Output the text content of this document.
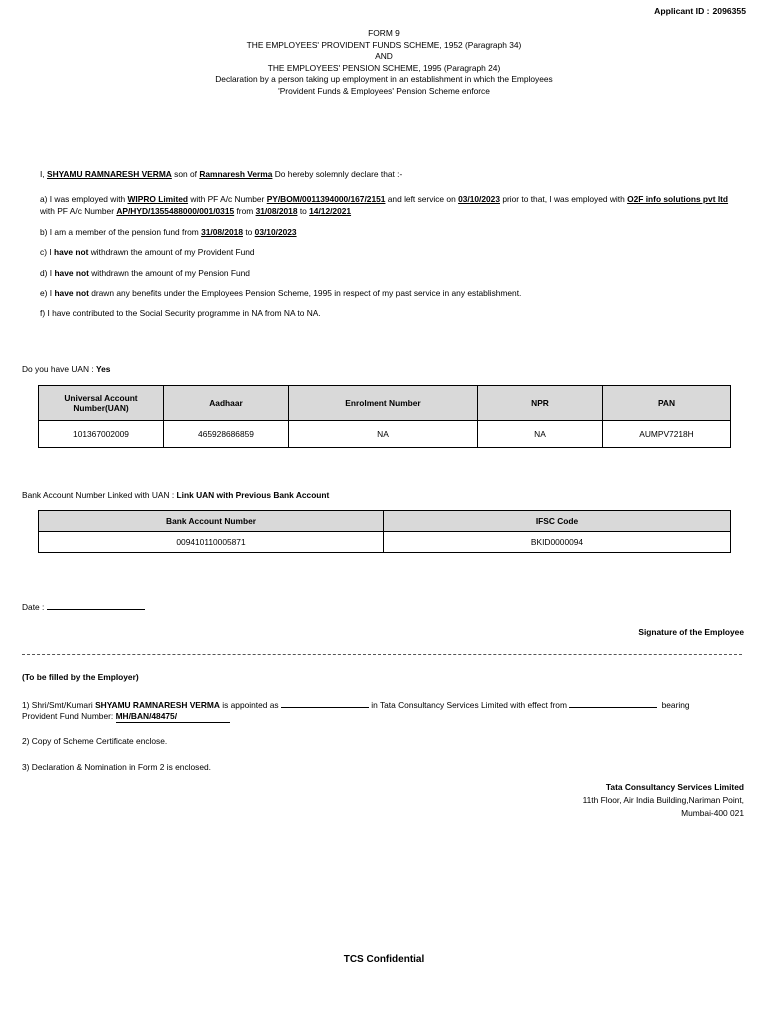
Applicant ID : 2096355
FORM 9
THE EMPLOYEES' PROVIDENT FUNDS SCHEME, 1952 (Paragraph 34)
AND
THE EMPLOYEES' PENSION SCHEME, 1995 (Paragraph 24)
Declaration by a person taking up employment in an establishment in which the Employees
'Provident Funds & Employees' Pension Scheme enforce
I, SHYAMU RAMNARESH VERMA son of Ramnaresh Verma Do hereby solemnly declare that :-
a) I was employed with WIPRO Limited with PF A/c Number PY/BOM/0011394000/167/2151 and left service on 03/10/2023 prior to that, I was employed with O2F info solutions pvt ltd with PF A/c Number AP/HYD/1355488000/001/0315 from 31/08/2018 to 14/12/2021
b) I am a member of the pension fund from 31/08/2018 to 03/10/2023
c) I have not withdrawn the amount of my Provident Fund
d) I have not withdrawn the amount of my Pension Fund
e) I have not drawn any benefits under the Employees Pension Scheme, 1995 in respect of my past service in any establishment.
f) I have contributed to the Social Security programme in NA from NA to NA.
Do you have UAN : Yes
Universal Account Number(UAN)	Aadhaar	Enrolment Number	NPR	PAN
101367002009	465928686859	NA	NA	AUMPV7218H
Bank Account Number Linked with UAN : Link UAN with Previous Bank Account
Bank Account Number	IFSC Code
009410110005871	BKID0000094
Date :
Signature of the Employee
(To be filled by the Employer)
1) Shri/Smt/Kumari SHYAMU RAMNARESH VERMA is appointed as	in Tata Consultancy Services Limited with effect from	bearing
Provident Fund Number: MH/BAN/48475/
2) Copy of Scheme Certificate enclose.
3) Declaration & Nomination in Form 2 is enclosed.
Tata Consultancy Services Limited
11th Floor, Air India Building,Nariman Point,
Mumbai-400 021
TCS Confidential
